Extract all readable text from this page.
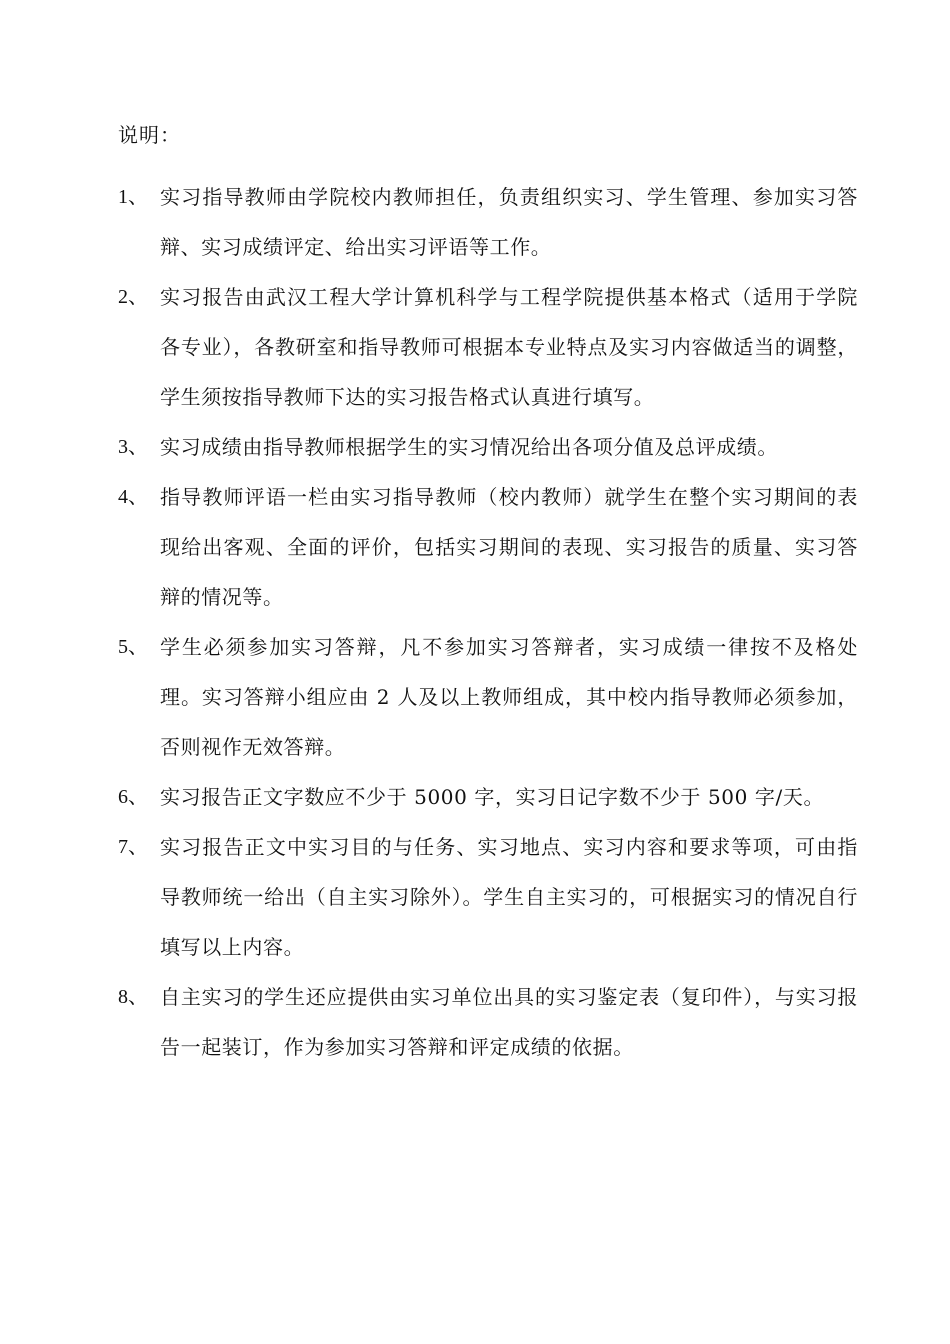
说明：
1、 实习指导教师由学院校内教师担任，负责组织实习、学生管理、参加实习答辩、实习成绩评定、给出实习评语等工作。
2、 实习报告由武汉工程大学计算机科学与工程学院提供基本格式（适用于学院各专业），各教研室和指导教师可根据本专业特点及实习内容做适当的调整，学生须按指导教师下达的实习报告格式认真进行填写。
3、 实习成绩由指导教师根据学生的实习情况给出各项分值及总评成绩。
4、 指导教师评语一栏由实习指导教师（校内教师）就学生在整个实习期间的表现给出客观、全面的评价，包括实习期间的表现、实习报告的质量、实习答辩的情况等。
5、 学生必须参加实习答辩，凡不参加实习答辩者，实习成绩一律按不及格处理。实习答辩小组应由 2 人及以上教师组成，其中校内指导教师必须参加，否则视作无效答辩。
6、 实习报告正文字数应不少于 5000 字，实习日记字数不少于 500 字/天。
7、 实习报告正文中实习目的与任务、实习地点、实习内容和要求等项，可由指导教师统一给出（自主实习除外）。学生自主实习的，可根据实习的情况自行填写以上内容。
8、 自主实习的学生还应提供由实习单位出具的实习鉴定表（复印件），与实习报告一起装订，作为参加实习答辩和评定成绩的依据。
